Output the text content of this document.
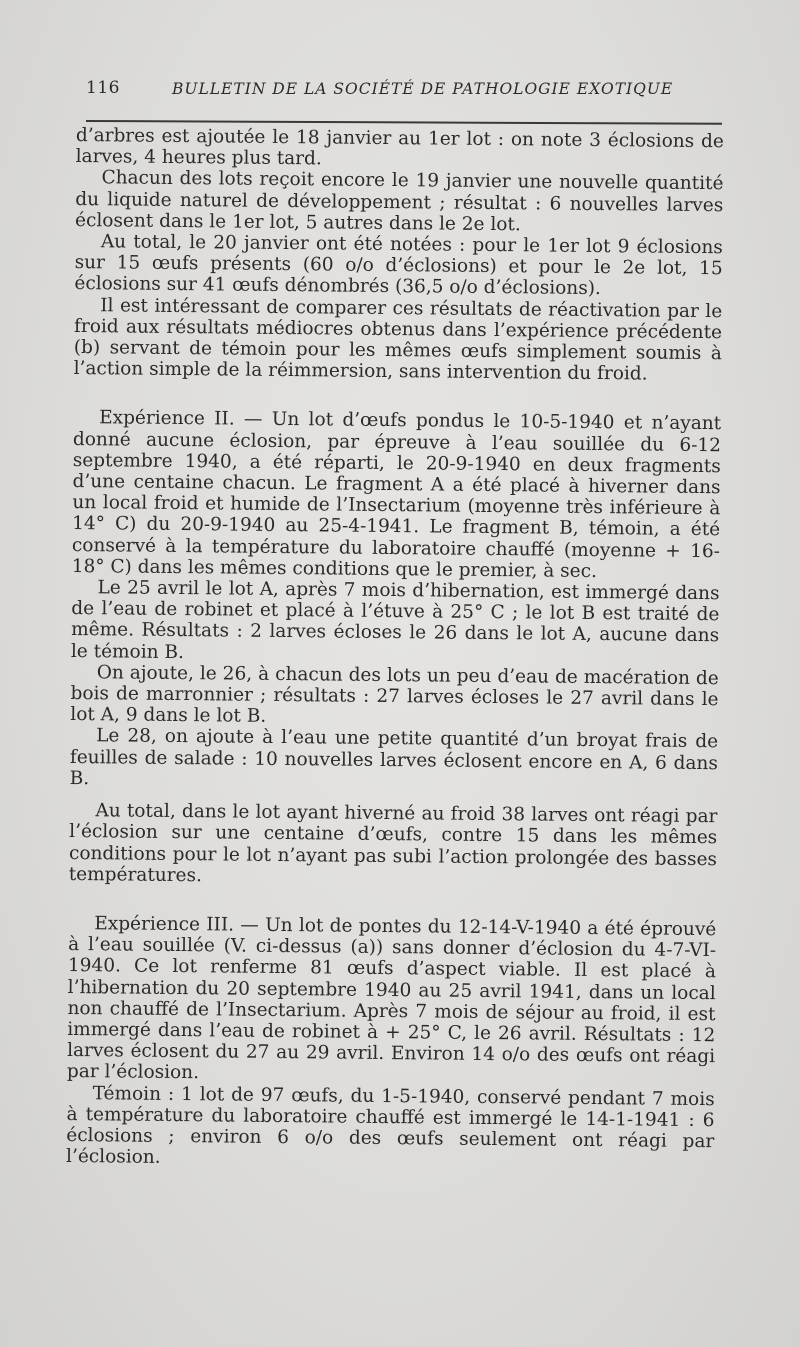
116	BULLETIN DE LA SOCIÉTÉ DE PATHOLOGIE EXOTIQUE

d’arbres est ajoutée le 18 janvier au 1er lot : on note 3 éclosions de larves, 4 heures plus tard.

Chacun des lots reçoit encore le 19 janvier une nouvelle quantité du liquide naturel de développement ; résultat : 6 nouvelles larves éclosent dans le 1er lot, 5 autres dans le 2e lot.

Au total, le 20 janvier ont été notées : pour le 1er lot 9 éclosions sur 15 œufs présents (60 o/o d’éclosions) et pour le 2e lot, 15 éclosions sur 41 œufs dénombrés (36,5 o/o d’éclosions).

Il est intéressant de comparer ces résultats de réactivation par le froid aux résultats médiocres obtenus dans l’expérience précédente (b) servant de témoin pour les mêmes œufs simplement soumis à l’action simple de la réimmersion, sans intervention du froid.

Expérience II. — Un lot d’œufs pondus le 10-5-1940 et n’ayant donné aucune éclosion, par épreuve à l’eau souillée du 6-12 septembre 1940, a été réparti, le 20-9-1940 en deux fragments d’une centaine chacun. Le fragment A a été placé à hiverner dans un local froid et humide de l’Insectarium (moyenne très inférieure à 14° C) du 20-9-1940 au 25-4-1941. Le fragment B, témoin, a été conservé à la température du laboratoire chauffé (moyenne + 16-18° C) dans les mêmes conditions que le premier, à sec.

Le 25 avril le lot A, après 7 mois d’hibernation, est immergé dans de l’eau de robinet et placé à l’étuve à 25° C ; le lot B est traité de même. Résultats : 2 larves écloses le 26 dans le lot A, aucune dans le témoin B.

On ajoute, le 26, à chacun des lots un peu d’eau de macération de bois de marronnier ; résultats : 27 larves écloses le 27 avril dans le lot A, 9 dans le lot B.

Le 28, on ajoute à l’eau une petite quantité d’un broyat frais de feuilles de salade : 10 nouvelles larves éclosent encore en A, 6 dans B.

Au total, dans le lot ayant hiverné au froid 38 larves ont réagi par l’éclosion sur une centaine d’œufs, contre 15 dans les mêmes conditions pour le lot n’ayant pas subi l’action prolongée des basses températures.

Expérience III. — Un lot de pontes du 12-14-V-1940 a été éprouvé à l’eau souillée (V. ci-dessus (a)) sans donner d’éclosion du 4-7-VI-1940. Ce lot renferme 81 œufs d’aspect viable. Il est placé à l’hibernation du 20 septembre 1940 au 25 avril 1941, dans un local non chauffé de l’Insectarium. Après 7 mois de séjour au froid, il est immergé dans l’eau de robinet à + 25° C, le 26 avril. Résultats : 12 larves éclosent du 27 au 29 avril. Environ 14 o/o des œufs ont réagi par l’éclosion.

Témoin : 1 lot de 97 œufs, du 1-5-1940, conservé pendant 7 mois à température du laboratoire chauffé est immergé le 14-1-1941 : 6 éclosions ; environ 6 o/o des œufs seulement ont réagi par l’éclosion.
